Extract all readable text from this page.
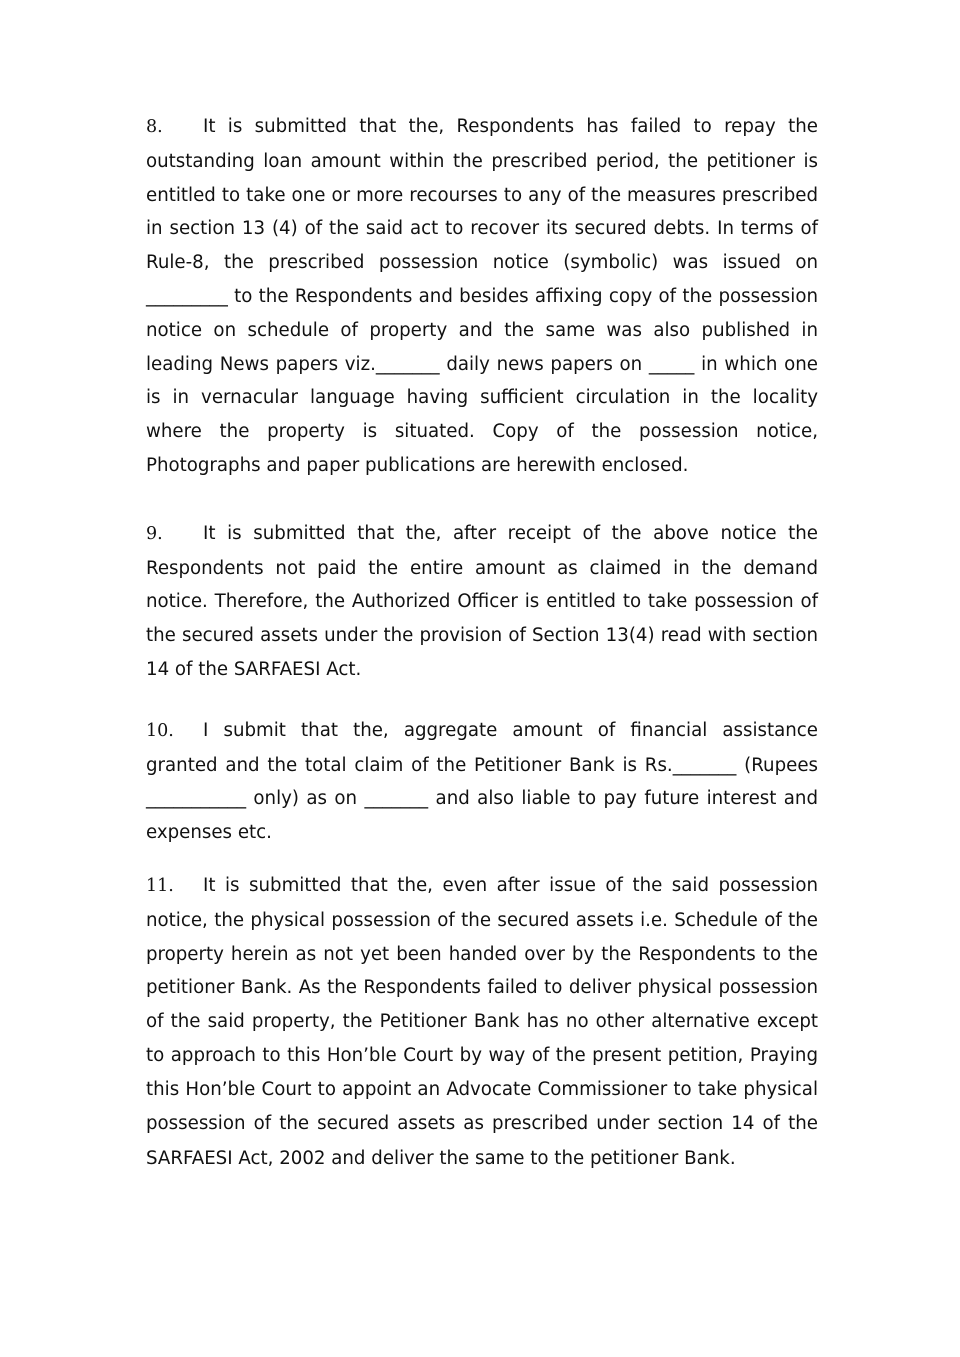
8. It is submitted that the, Respondents has failed to repay the outstanding loan amount within the prescribed period, the petitioner is entitled to take one or more recourses to any of the measures prescribed in section 13 (4) of the said act to recover its secured debts. In terms of Rule-8, the prescribed possession notice (symbolic) was issued on _________ to the Respondents and besides affixing copy of the possession notice on schedule of property and the same was also published in leading News papers viz._______ daily news papers on _____ in which one is in vernacular language having sufficient circulation in the locality where the property is situated. Copy of the possession notice, Photographs and paper publications are herewith enclosed.

9. It is submitted that the, after receipt of the above notice the Respondents not paid the entire amount as claimed in the demand notice. Therefore, the Authorized Officer is entitled to take possession of the secured assets under the provision of Section 13(4) read with section 14 of the SARFAESI Act.

10. I submit that the, aggregate amount of financial assistance granted and the total claim of the Petitioner Bank is Rs._______ (Rupees ___________ only) as on _______ and also liable to pay future interest and expenses etc.

11. It is submitted that the, even after issue of the said possession notice, the physical possession of the secured assets i.e. Schedule of the property herein as not yet been handed over by the Respondents to the petitioner Bank. As the Respondents failed to deliver physical possession of the said property, the Petitioner Bank has no other alternative except to approach to this Hon’ble Court by way of the present petition, Praying this Hon’ble Court to appoint an Advocate Commissioner to take physical possession of the secured assets as prescribed under section 14 of the SARFAESI Act, 2002 and deliver the same to the petitioner Bank.
